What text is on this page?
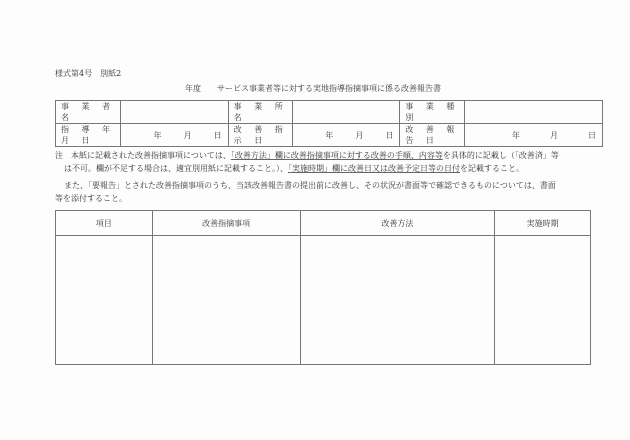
様式第4号　別紙2
年度　　サービス事業者等に対する実地指導指摘事項に係る改善報告書
事 業 者 名		事 業 所 名		事 業 種 別	
指 導 年 月 日	年 月 日	改 善 指 示 日	年 月 日	改 善 報 告 日	年 月 日
注　本紙に記載された改善指摘事項については、「改善方法」欄に改善指摘事項に対する改善の手順、内容等を具体的に記載し（「改善済」等
は不可。欄が不足する場合は、適宜別用紙に記載すること。）、「実施時期」欄に改善日又は改善予定日等の日付を記載すること。
また、「要報告」とされた改善指摘事項のうち、当該改善報告書の提出前に改善し、その状況が書面等で確認できるものについては、書面
等を添付すること。
項目	改善指摘事項	改善方法	実施時期
